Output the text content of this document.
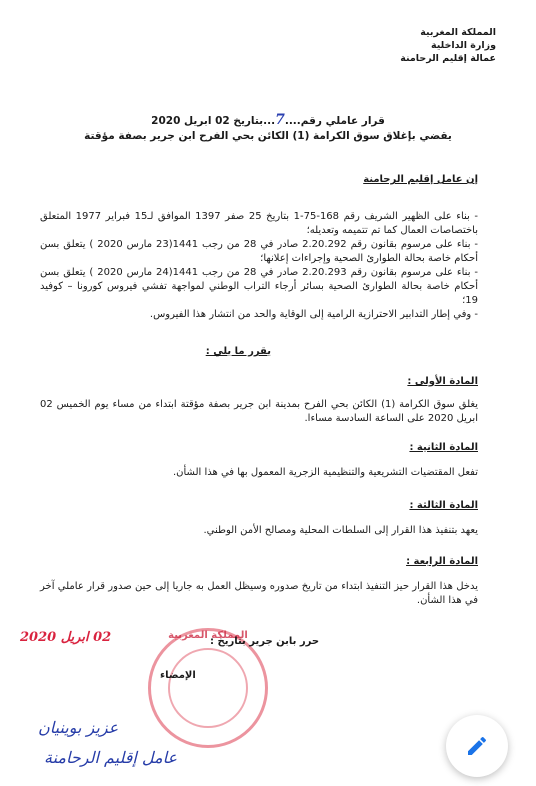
المملكة المغربية
وزارة الداخلية
عمالة إقليم الرحامنة
قرار عاملي رقم....7...بتاريخ 02 ابريل 2020
يقضي بإغلاق سوق الكرامة (1) الكائن بحي الفرح ابن جرير بصفة مؤقتة
إن عامل إقليم الرحامنة
- بناء على الظهير الشريف رقم 168-75-1 بتاريخ 25 صفر 1397 الموافق لـ15 فبراير 1977 المتعلق باختصاصات العمال كما تم تتميمه وتعديله؛
- بناء على مرسوم بقانون رقم 2.20.292 صادر في 28 من رجب 1441(23 مارس 2020 ) يتعلق بسن أحكام خاصة بحالة الطوارئ الصحية وإجراءات إعلانها؛
- بناء على مرسوم بقانون رقم 2.20.293 صادر في 28 من رجب 1441(24 مارس 2020 ) يتعلق بسن أحكام خاصة بحالة الطوارئ الصحية بسائر أرجاء التراب الوطني لمواجهة تفشي فيروس كورونا – كوفيد 19؛
- وفي إطار التدابير الاحترازية الرامية إلى الوقاية والحد من انتشار هذا الفيروس.
يقرر ما يلي :
المادة الأولى :
يغلق سوق الكرامة (1) الكائن بحي الفرح بمدينة ابن جرير بصفة مؤقتة ابتداء من مساء يوم الخميس 02 ابريل 2020 على الساعة السادسة مساءا.
المادة الثانية :
تفعل المقتضيات التشريعية والتنظيمية الزجرية المعمول بها في هذا الشأن.
المادة الثالثة :
يعهد بتنفيذ هذا القرار إلى السلطات المحلية ومصالح الأمن الوطني.
المادة الرابعة :
يدخل هذا القرار حيز التنفيذ ابتداء من تاريخ صدوره وسيظل العمل به جاريا إلى حين صدور قرار عاملي آخر في هذا الشأن.
المملكة المغربية
حرر بابن جرير بتاريخ :
02 ابريل 2020
الإمضاء
عزيز بوينيان
عامل إقليم الرحامنة
